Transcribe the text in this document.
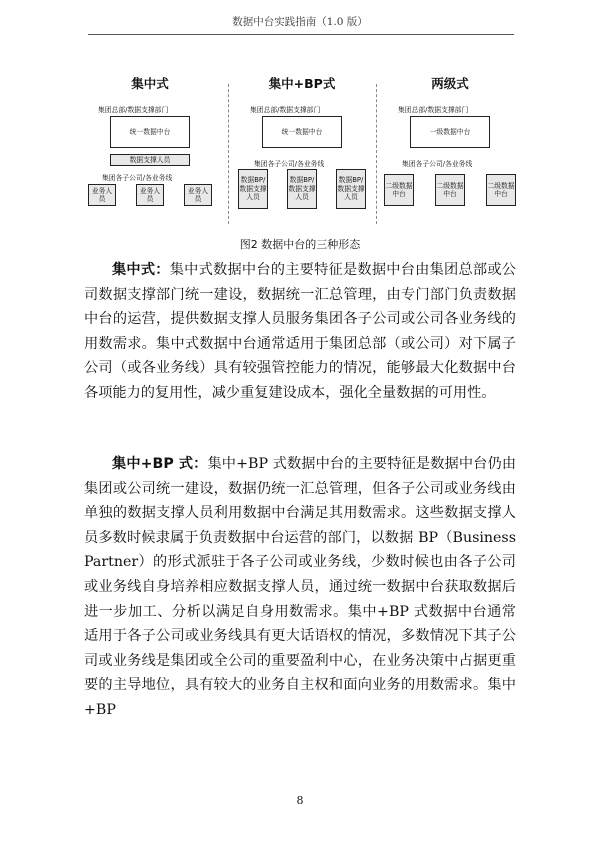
数据中台实践指南（1.0 版）
集中式
集团总部/数据支撑部门
统一数据中台
数据支撑人员
集团各子公司/各业务线
业务人员
业务人员
业务人员
集中+BP式
集团总部/数据支撑部门
统一数据中台
集团各子公司/各业务线
数据BP/数据支撑人员
数据BP/数据支撑人员
数据BP/数据支撑人员
两级式
集团总部/数据支撑部门
一级数据中台
集团各子公司/各业务线
二级数据中台
二级数据中台
二级数据中台
图2 数据中台的三种形态

集中式：集中式数据中台的主要特征是数据中台由集团总部或公司数据支撑部门统一建设，数据统一汇总管理，由专门部门负责数据中台的运营，提供数据支撑人员服务集团各子公司或公司各业务线的用数需求。集中式数据中台通常适用于集团总部（或公司）对下属子公司（或各业务线）具有较强管控能力的情况，能够最大化数据中台各项能力的复用性，减少重复建设成本，强化全量数据的可用性。

集中+BP 式：集中+BP 式数据中台的主要特征是数据中台仍由集团或公司统一建设，数据仍统一汇总管理，但各子公司或业务线由单独的数据支撑人员利用数据中台满足其用数需求。这些数据支撑人员多数时候隶属于负责数据中台运营的部门，以数据 BP（Business Partner）的形式派驻于各子公司或业务线，少数时候也由各子公司或业务线自身培养相应数据支撑人员，通过统一数据中台获取数据后进一步加工、分析以满足自身用数需求。集中+BP 式数据中台通常适用于各子公司或业务线具有更大话语权的情况，多数情况下其子公司或业务线是集团或全公司的重要盈利中心，在业务决策中占据更重要的主导地位，具有较大的业务自主权和面向业务的用数需求。集中+BP

8
